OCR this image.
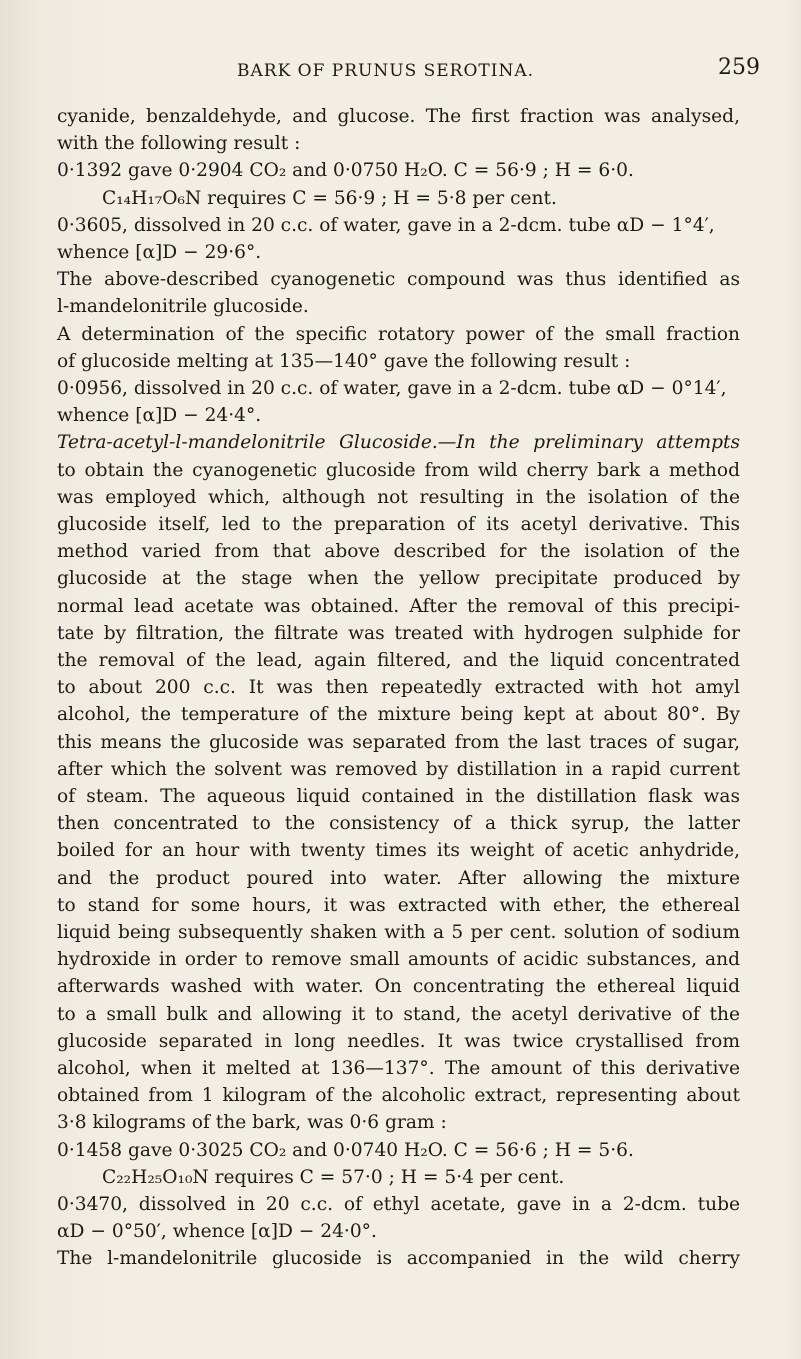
BARK OF PRUNUS SEROTINA.	259
cyanide, benzaldehyde, and glucose. The first fraction was analysed,
with the following result :
0·1392 gave 0·2904 CO₂ and 0·0750 H₂O. C = 56·9 ; H = 6·0.
C₁₄H₁₇O₆N requires C = 56·9 ; H = 5·8 per cent.
0·3605, dissolved in 20 c.c. of water, gave in a 2-dcm. tube αD − 1°4′,
whence [α]D − 29·6°.
The above-described cyanogenetic compound was thus identified as
l-mandelonitrile glucoside.
A determination of the specific rotatory power of the small fraction
of glucoside melting at 135—140° gave the following result :
0·0956, dissolved in 20 c.c. of water, gave in a 2-dcm. tube αD − 0°14′,
whence [α]D − 24·4°.
Tetra-acetyl-l-mandelonitrile Glucoside.—In the preliminary attempts
to obtain the cyanogenetic glucoside from wild cherry bark a method
was employed which, although not resulting in the isolation of the
glucoside itself, led to the preparation of its acetyl derivative. This
method varied from that above described for the isolation of the
glucoside at the stage when the yellow precipitate produced by
normal lead acetate was obtained. After the removal of this precipi-
tate by filtration, the filtrate was treated with hydrogen sulphide for
the removal of the lead, again filtered, and the liquid concentrated
to about 200 c.c. It was then repeatedly extracted with hot amyl
alcohol, the temperature of the mixture being kept at about 80°. By
this means the glucoside was separated from the last traces of sugar,
after which the solvent was removed by distillation in a rapid current
of steam. The aqueous liquid contained in the distillation flask was
then concentrated to the consistency of a thick syrup, the latter
boiled for an hour with twenty times its weight of acetic anhydride,
and the product poured into water. After allowing the mixture
to stand for some hours, it was extracted with ether, the ethereal
liquid being subsequently shaken with a 5 per cent. solution of sodium
hydroxide in order to remove small amounts of acidic substances, and
afterwards washed with water. On concentrating the ethereal liquid
to a small bulk and allowing it to stand, the acetyl derivative of the
glucoside separated in long needles. It was twice crystallised from
alcohol, when it melted at 136—137°. The amount of this derivative
obtained from 1 kilogram of the alcoholic extract, representing about
3·8 kilograms of the bark, was 0·6 gram :
0·1458 gave 0·3025 CO₂ and 0·0740 H₂O. C = 56·6 ; H = 5·6.
C₂₂H₂₅O₁₀N requires C = 57·0 ; H = 5·4 per cent.
0·3470, dissolved in 20 c.c. of ethyl acetate, gave in a 2-dcm. tube
αD − 0°50′, whence [α]D − 24·0°.
The l-mandelonitrile glucoside is accompanied in the wild cherry
